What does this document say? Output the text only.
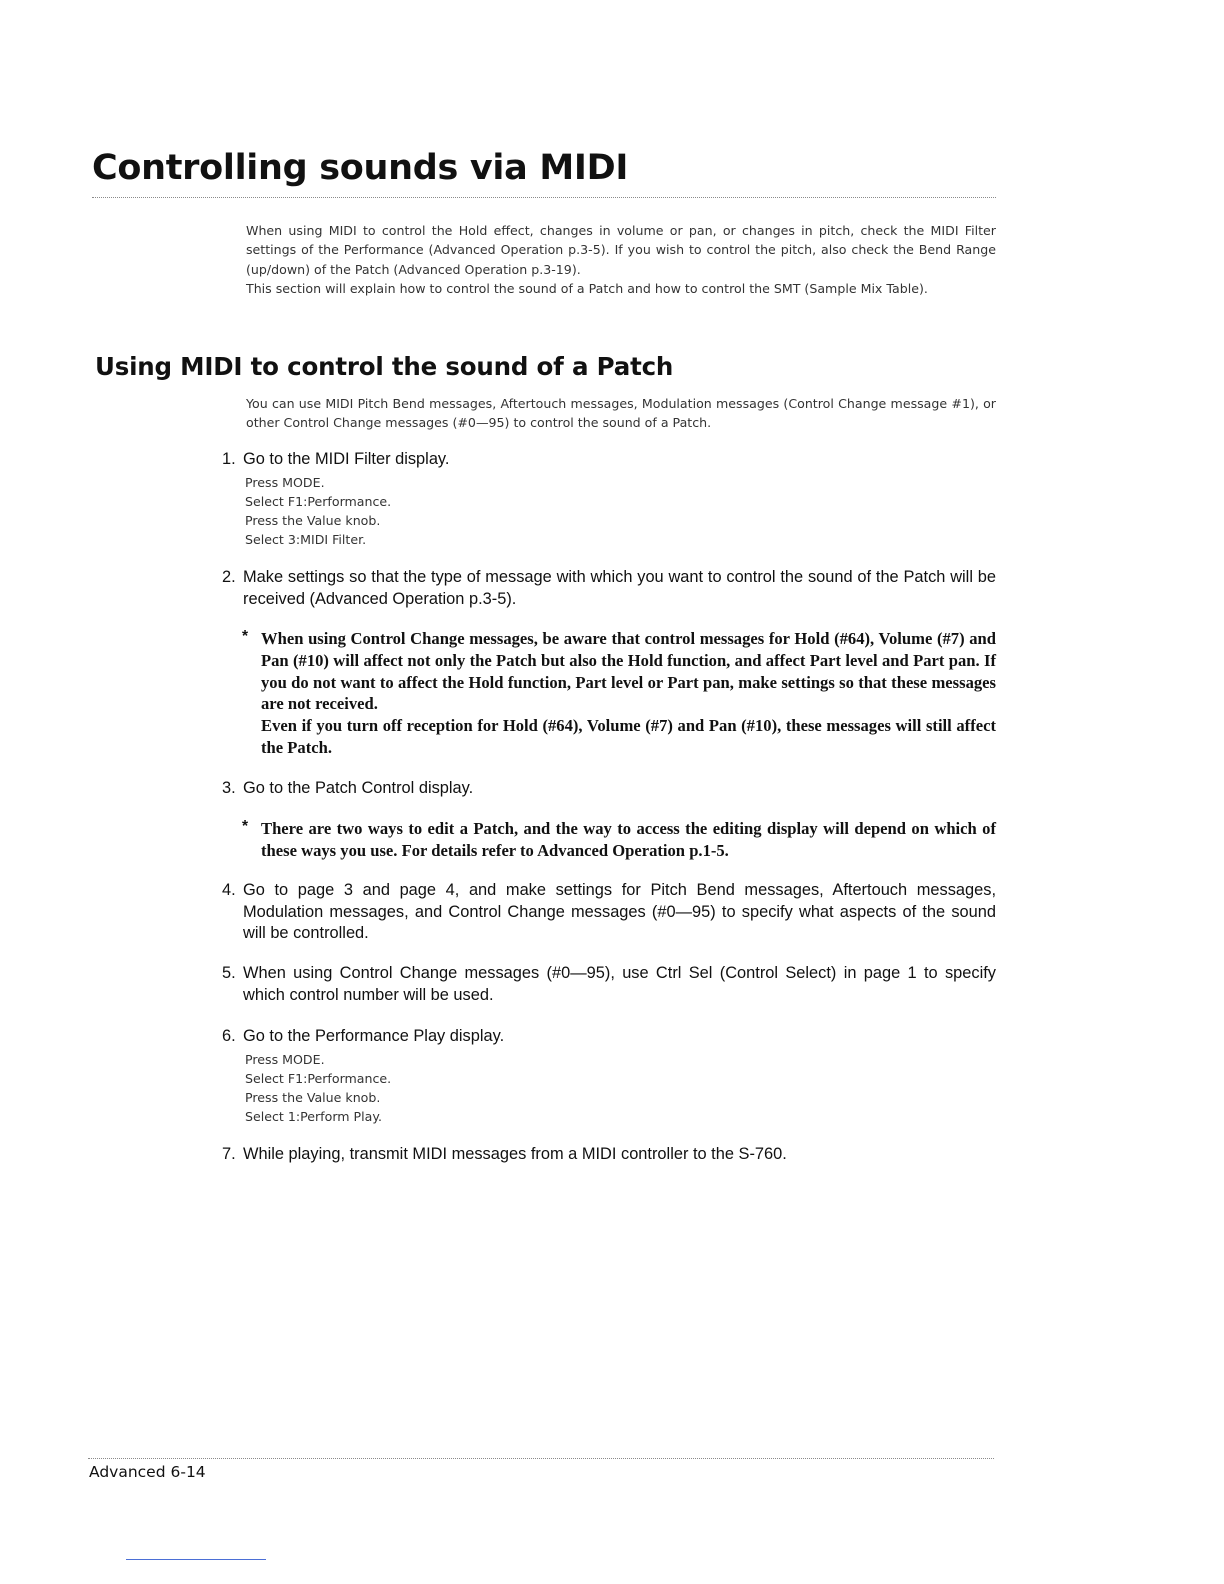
Controlling sounds via MIDI
When using MIDI to control the Hold effect, changes in volume or pan, or changes in pitch, check the MIDI Filter settings of the Performance (Advanced Operation p.3-5). If you wish to control the pitch, also check the Bend Range (up/down) of the Patch (Advanced Operation p.3-19).
This section will explain how to control the sound of a Patch and how to control the SMT (Sample Mix Table).
Using MIDI to control the sound of a Patch
You can use MIDI Pitch Bend messages, Aftertouch messages, Modulation messages (Control Change message #1), or other Control Change messages (#0—95) to control the sound of a Patch.
1. Go to the MIDI Filter display.
Press MODE.
Select F1:Performance.
Press the Value knob.
Select 3:MIDI Filter.
2. Make settings so that the type of message with which you want to control the sound of the Patch will be received (Advanced Operation p.3-5).
* When using Control Change messages, be aware that control messages for Hold (#64), Volume (#7) and Pan (#10) will affect not only the Patch but also the Hold function, and affect Part level and Part pan. If you do not want to affect the Hold function, Part level or Part pan, make settings so that these messages are not received.
Even if you turn off reception for Hold (#64), Volume (#7) and Pan (#10), these messages will still affect the Patch.
3. Go to the Patch Control display.
* There are two ways to edit a Patch, and the way to access the editing display will depend on which of these ways you use. For details refer to Advanced Operation p.1-5.
4. Go to page 3 and page 4, and make settings for Pitch Bend messages, Aftertouch messages, Modulation messages, and Control Change messages (#0—95) to specify what aspects of the sound will be controlled.
5. When using Control Change messages (#0—95), use Ctrl Sel (Control Select) in page 1 to specify which control number will be used.
6. Go to the Performance Play display.
Press MODE.
Select F1:Performance.
Press the Value knob.
Select 1:Perform Play.
7. While playing, transmit MIDI messages from a MIDI controller to the S-760.
Advanced 6-14
